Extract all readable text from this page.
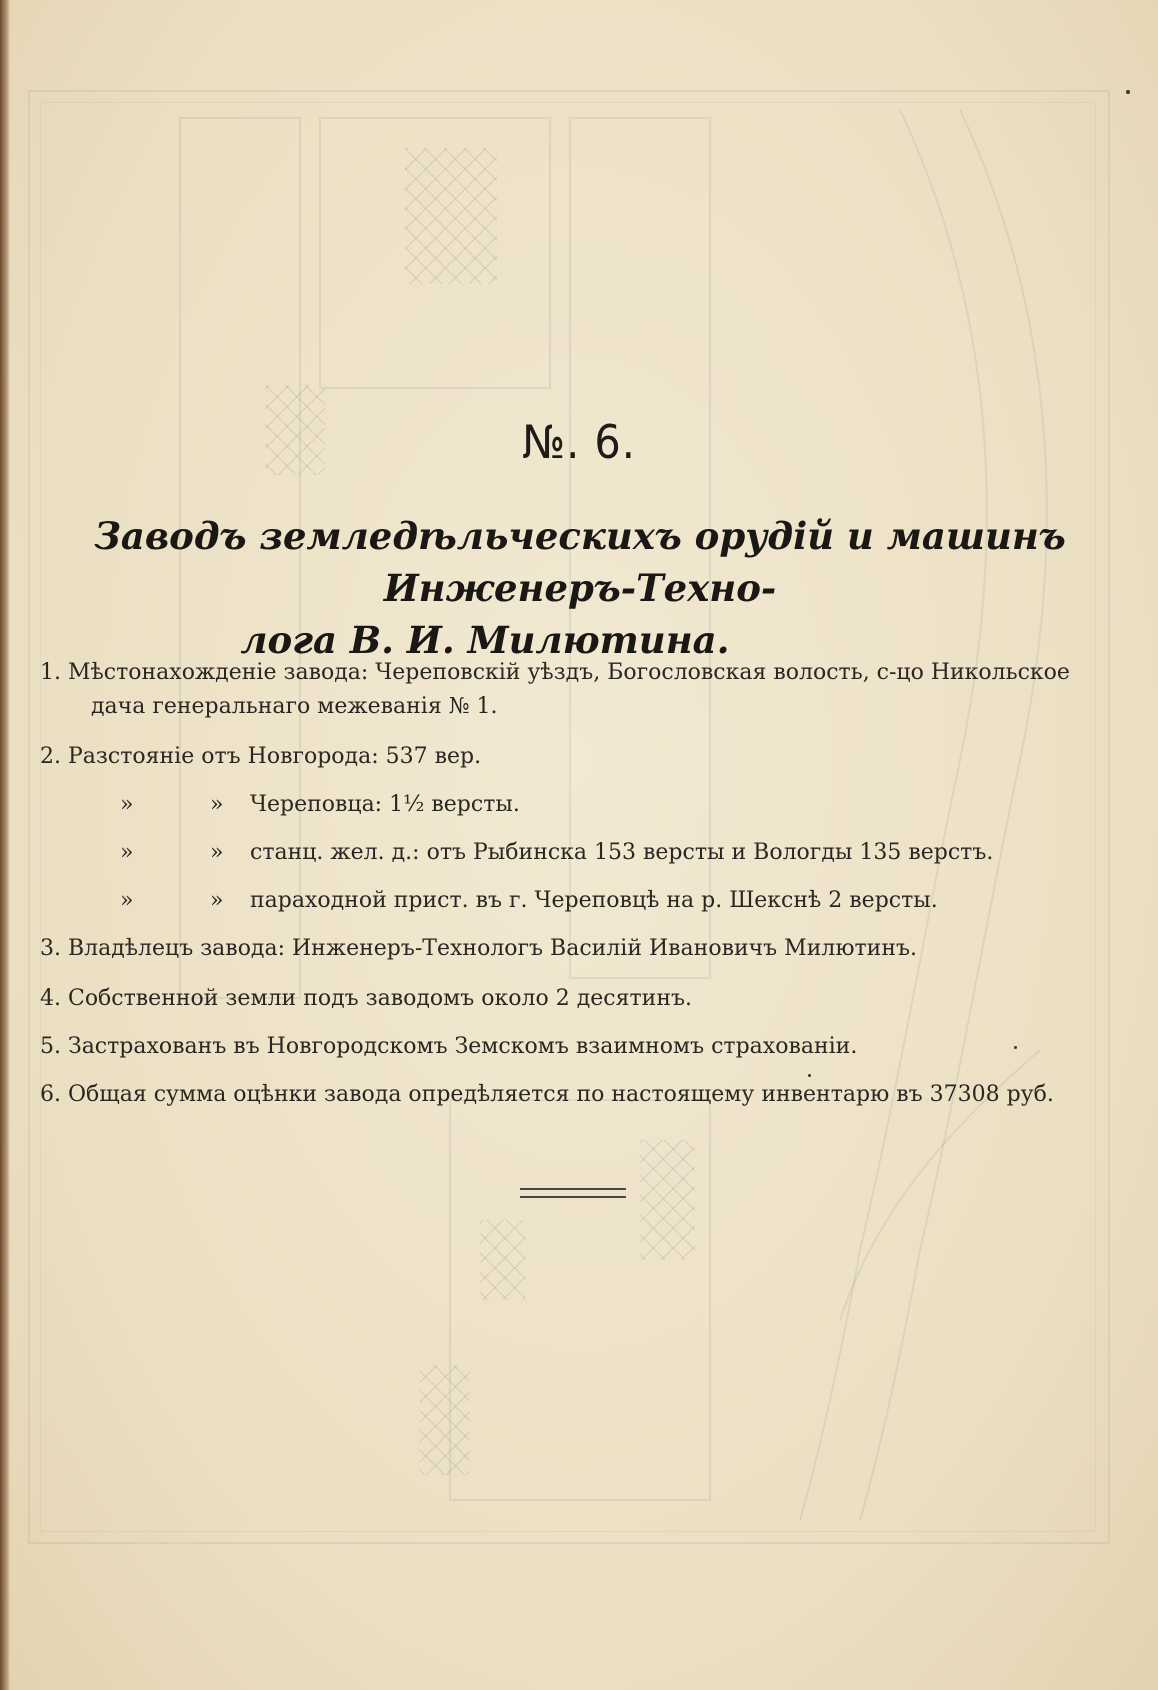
№. 6.
Заводъ земледѣльческихъ орудій и машинъ Инженеръ-Техно-
лога В. И. Милютина.
1. Мѣстонахожденіе завода: Череповскій уѣздъ, Богословская волость, с-цо Никольское
дача генеральнаго межеванія № 1.
2. Разстояніе отъ Новгорода: 537 вер.
»	» Череповца: 1½ версты.
»	» станц. жел. д.: отъ Рыбинска 153 версты и Вологды 135 верстъ.
»	» параходной прист. въ г. Череповцѣ на р. Шекснѣ 2 версты.
3. Владѣлецъ завода: Инженеръ-Технологъ Василій Ивановичъ Милютинъ.
4. Собственной земли подъ заводомъ около 2 десятинъ.
5. Застрахованъ въ Новгородскомъ Земскомъ взаимномъ страхованіи.
6. Общая сумма оцѣнки завода опредѣляется по настоящему инвентарю въ 37308 руб.
